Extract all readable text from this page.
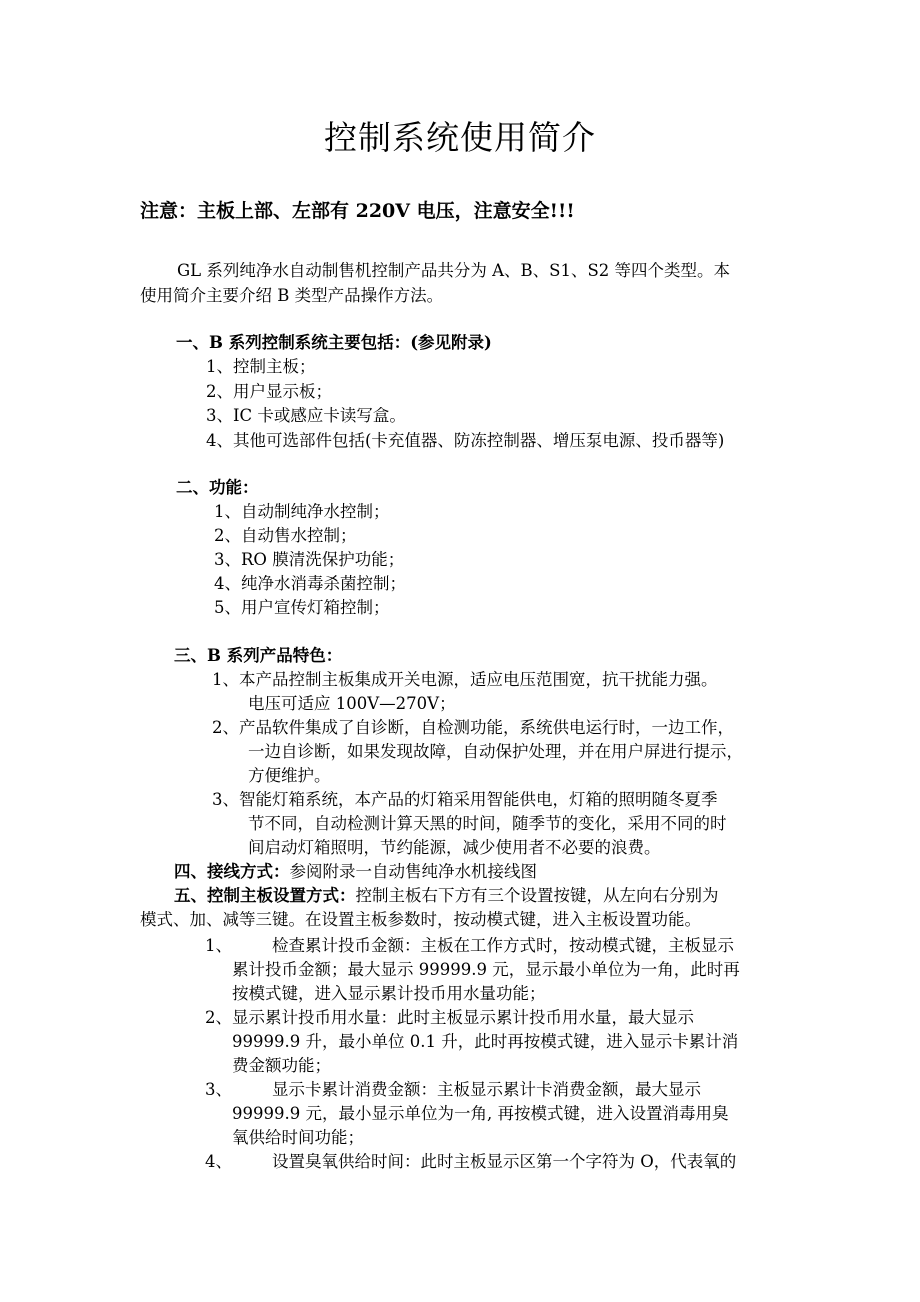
控制系统使用简介
注意：主板上部、左部有 220V 电压，注意安全!!!
GL 系列纯净水自动制售机控制产品共分为 A、B、S1、S2 等四个类型。本
使用简介主要介绍 B 类型产品操作方法。
一、B 系列控制系统主要包括：(参见附录)
1、控制主板；
2、用户显示板；
3、IC 卡或感应卡读写盒。
4、其他可选部件包括(卡充值器、防冻控制器、增压泵电源、投币器等)
二、功能：
1、自动制纯净水控制；
2、自动售水控制；
3、RO 膜清洗保护功能；
4、纯净水消毒杀菌控制；
5、用户宣传灯箱控制；
三、B 系列产品特色：
1、本产品控制主板集成开关电源，适应电压范围宽，抗干扰能力强。
电压可适应 100V—270V；
2、产品软件集成了自诊断，自检测功能，系统供电运行时，一边工作，
一边自诊断，如果发现故障，自动保护处理，并在用户屏进行提示，
方便维护。
3、智能灯箱系统，本产品的灯箱采用智能供电，灯箱的照明随冬夏季
节不同，自动检测计算天黑的时间，随季节的变化，采用不同的时
间启动灯箱照明，节约能源，减少使用者不必要的浪费。
四、接线方式：参阅附录一自动售纯净水机接线图
五、控制主板设置方式：控制主板右下方有三个设置按键，从左向右分别为
模式、加、减等三键。在设置主板参数时，按动模式键，进入主板设置功能。
1、 检查累计投币金额：主板在工作方式时，按动模式键，主板显示
累计投币金额；最大显示 99999.9 元，显示最小单位为一角，此时再
按模式键，进入显示累计投币用水量功能；
2、显示累计投币用水量：此时主板显示累计投币用水量，最大显示
99999.9 升，最小单位 0.1 升，此时再按模式键，进入显示卡累计消
费金额功能；
3、 显示卡累计消费金额：主板显示累计卡消费金额，最大显示
99999.9 元，最小显示单位为一角, 再按模式键，进入设置消毒用臭
氧供给时间功能；
4、 设置臭氧供给时间：此时主板显示区第一个字符为 O，代表氧的
